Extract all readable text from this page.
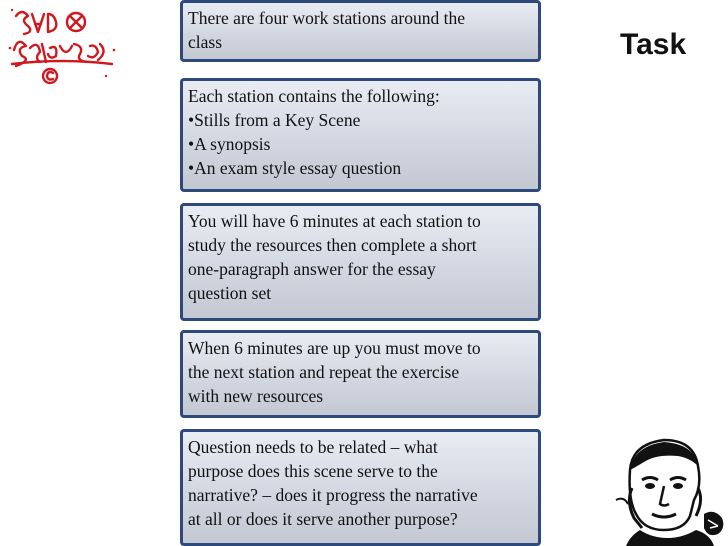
Task
There are four work stations around the
class
Each station contains the following:
•Stills from a Key Scene
•A synopsis
•An exam style essay question
You will have 6 minutes at each station to
study the resources then complete a short
one-paragraph answer for the essay
question set
When 6 minutes are up you must move to
the next station and repeat the exercise
with new resources
Question needs to be related – what
purpose does this scene serve to the
narrative? – does it progress the narrative
at all or does it serve another purpose?
